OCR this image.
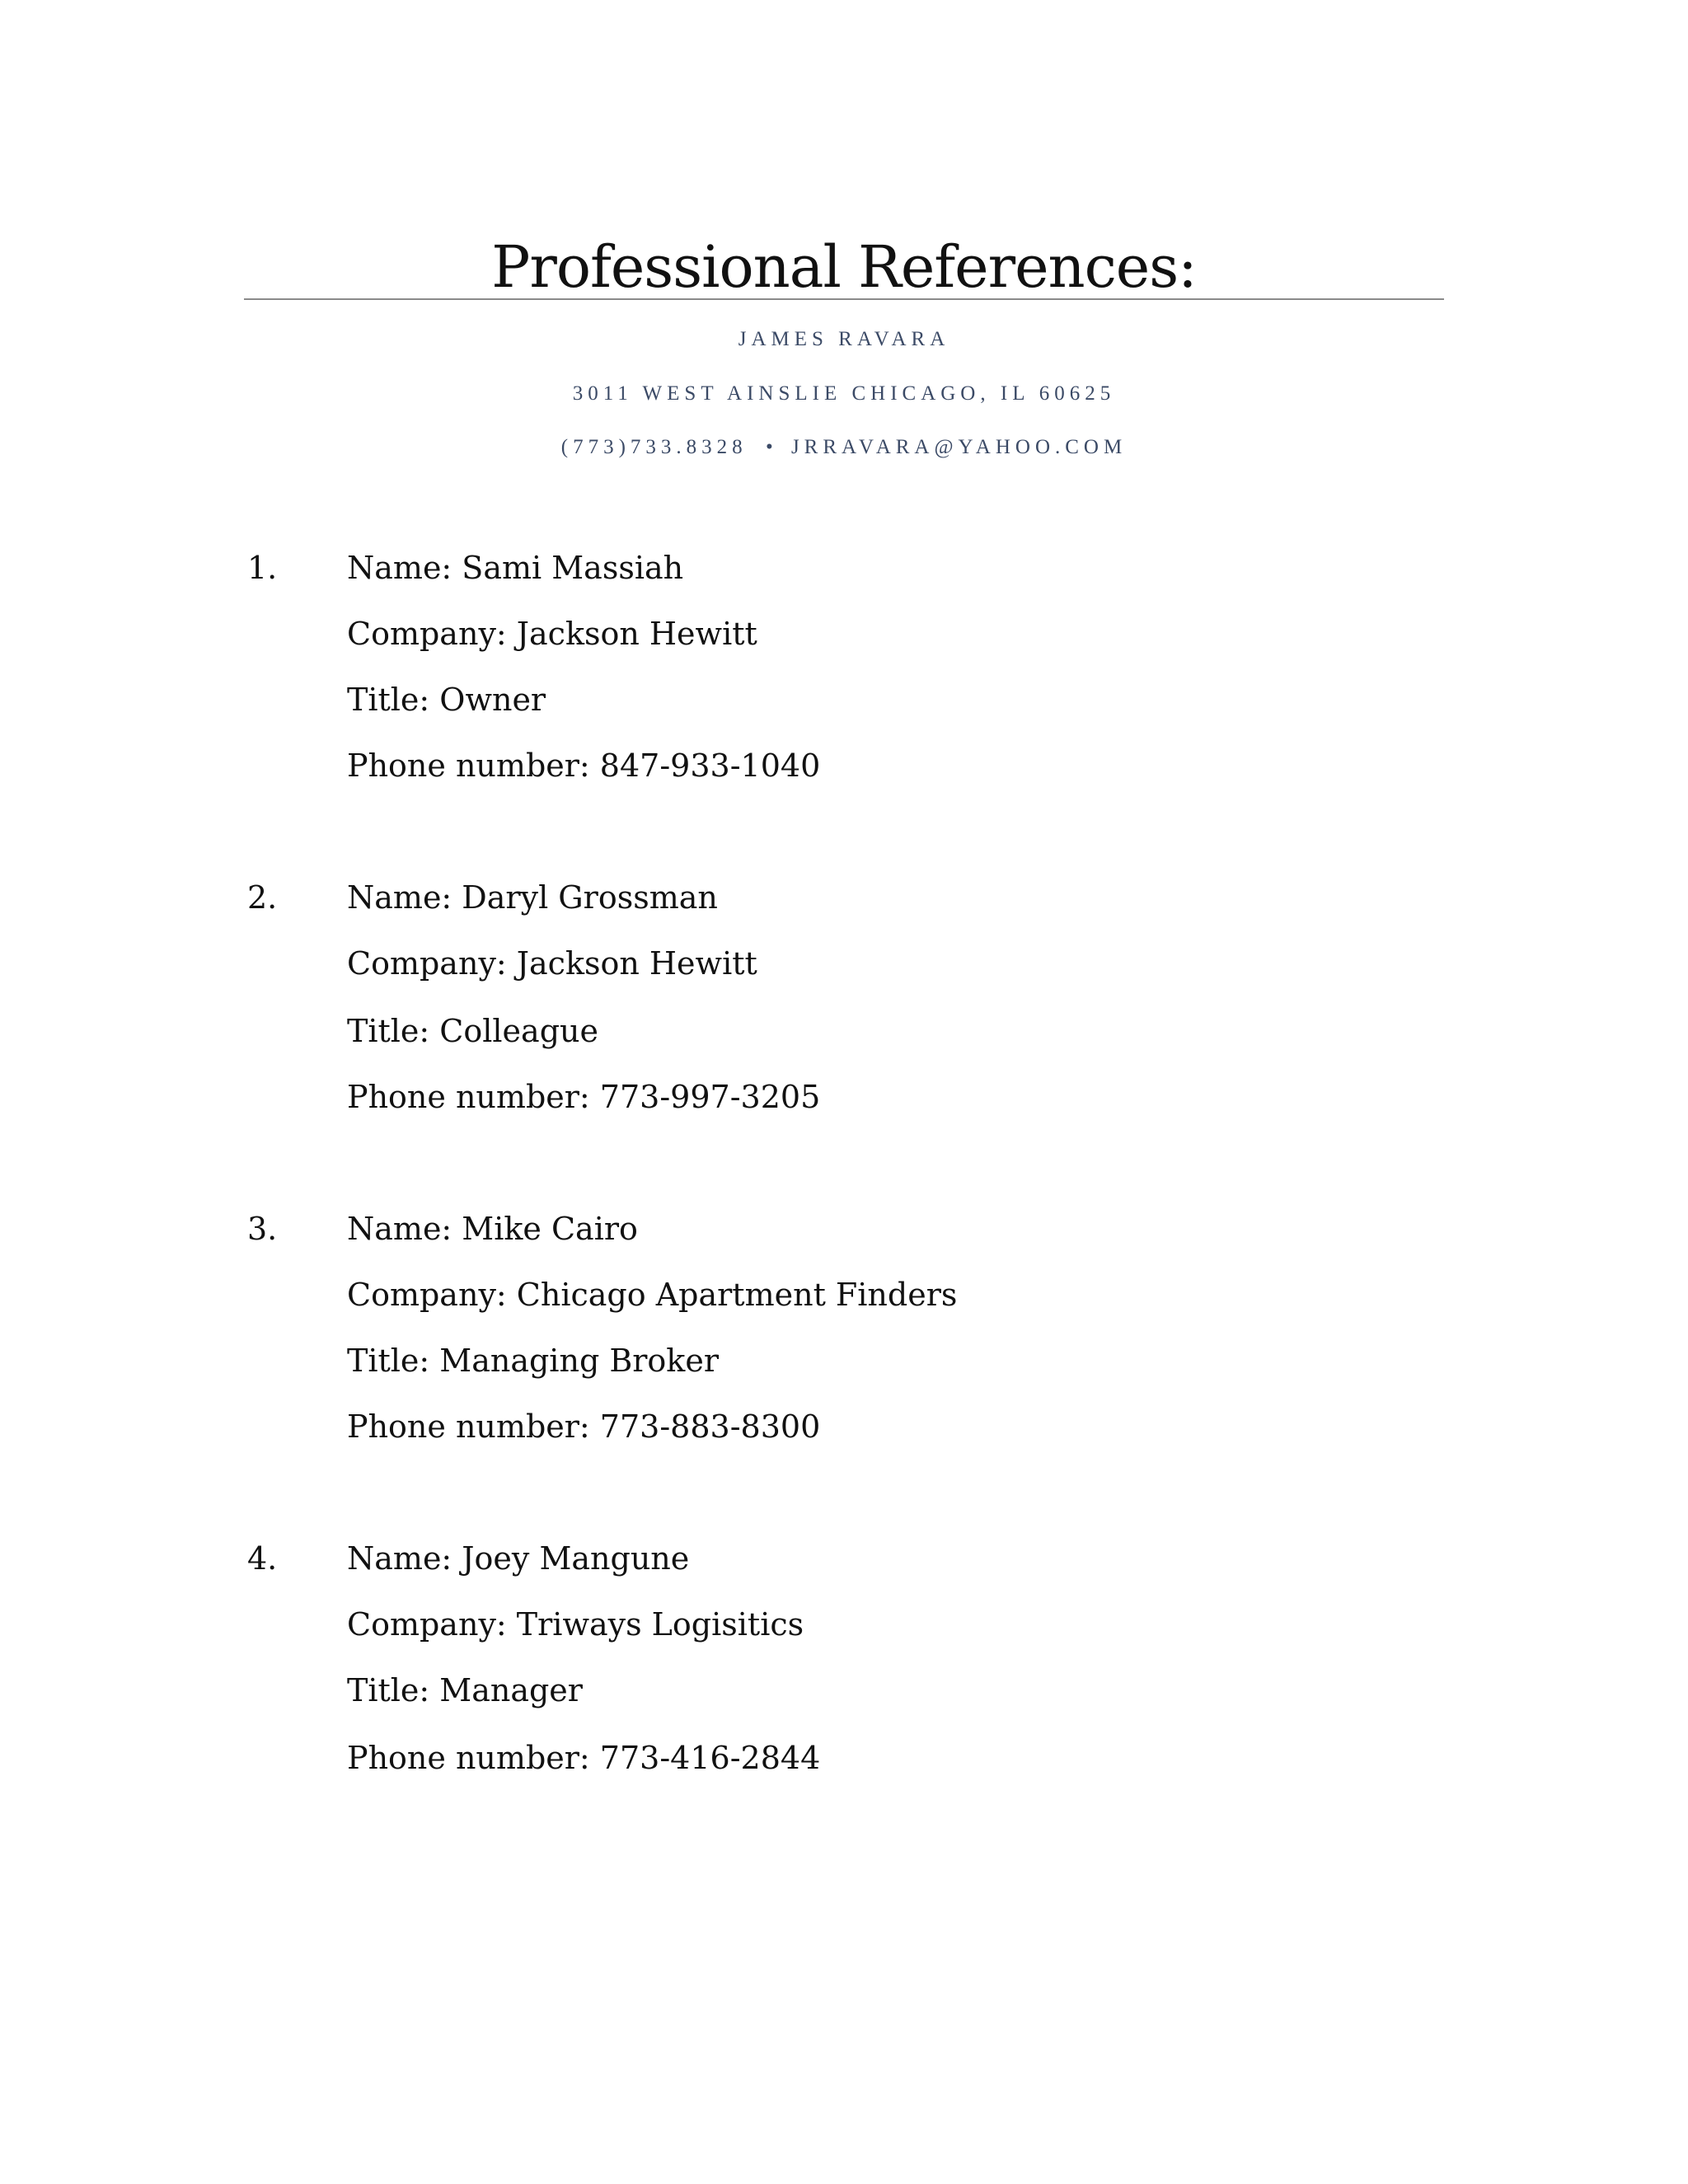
Professional References:
JAMES RAVARA
3011 WEST AINSLIE CHICAGO, IL 60625
(773)733.8328 • JRRAVARA@YAHOO.COM
1. Name: Sami Massiah
Company: Jackson Hewitt
Title: Owner
Phone number: 847-933-1040
2. Name: Daryl Grossman
Company: Jackson Hewitt
Title: Colleague
Phone number: 773-997-3205
3. Name: Mike Cairo
Company: Chicago Apartment Finders
Title: Managing Broker
Phone number: 773-883-8300
4. Name: Joey Mangune
Company: Triways Logisitics
Title: Manager
Phone number: 773-416-2844
